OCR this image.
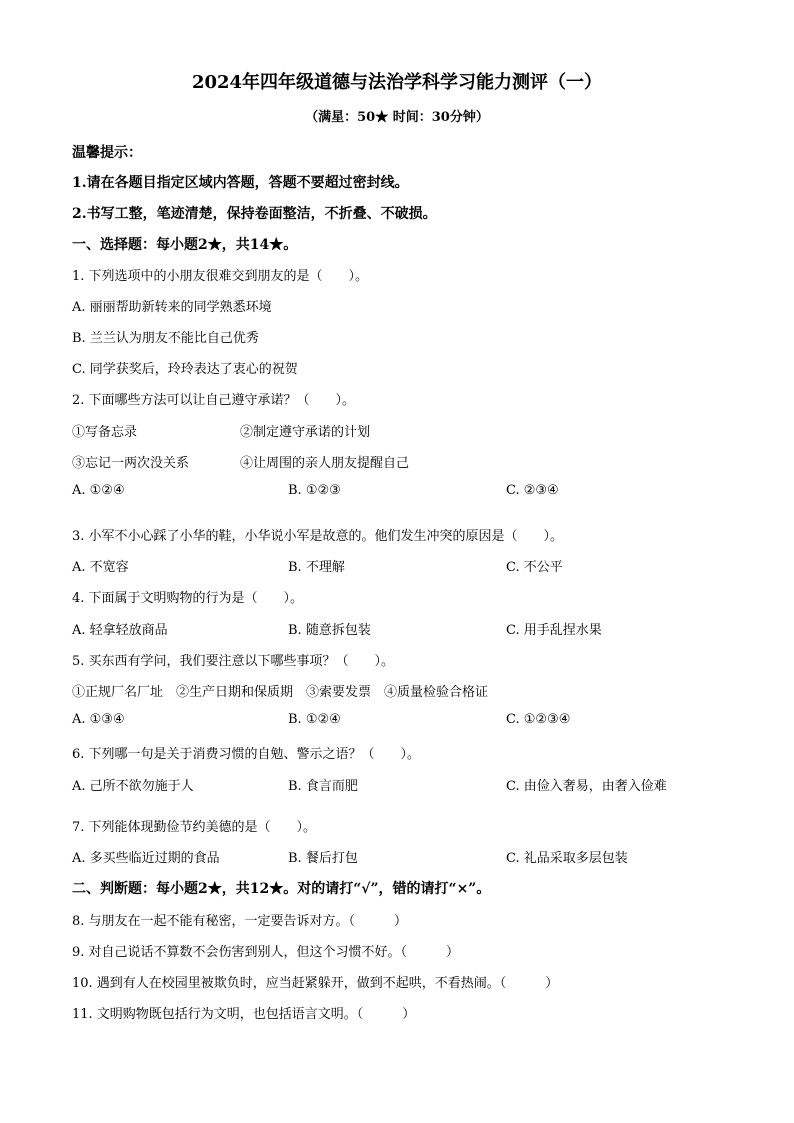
2024年四年级道德与法治学科学习能力测评（一）
（满星：50★ 时间：30分钟）
温馨提示：
1.请在各题目指定区域内答题，答题不要超过密封线。
2.书写工整，笔迹清楚，保持卷面整洁，不折叠、不破损。
一、选择题：每小题2★，共14★。
1. 下列选项中的小朋友很难交到朋友的是（　　）。
A. 丽丽帮助新转来的同学熟悉环境
B. 兰兰认为朋友不能比自己优秀
C. 同学获奖后，玲玲表达了衷心的祝贺
2. 下面哪些方法可以让自己遵守承诺？（　　）。
①写备忘录	②制定遵守承诺的计划
③忘记一两次没关系	④让周围的亲人朋友提醒自己
A. ①②④	B. ①②③	C. ②③④
3. 小军不小心踩了小华的鞋，小华说小军是故意的。他们发生冲突的原因是（　　）。
A. 不宽容	B. 不理解	C. 不公平
4. 下面属于文明购物的行为是（　　）。
A. 轻拿轻放商品	B. 随意拆包装	C. 用手乱捏水果
5. 买东西有学问，我们要注意以下哪些事项？（　　）。
①正规厂名厂址　②生产日期和保质期　③索要发票　④质量检验合格证
A. ①③④	B. ①②④	C. ①②③④
6. 下列哪一句是关于消费习惯的自勉、警示之语？（　　）。
A. 己所不欲勿施于人	B. 食言而肥	C. 由俭入奢易，由奢入俭难
7. 下列能体现勤俭节约美德的是（　　）。
A. 多买些临近过期的食品	B. 餐后打包	C. 礼品采取多层包装
二、判断题：每小题2★，共12★。对的请打“√”，错的请打“×”。
8. 与朋友在一起不能有秘密，一定要告诉对方。（　　　）
9. 对自己说话不算数不会伤害到别人，但这个习惯不好。（　　　）
10. 遇到有人在校园里被欺负时，应当赶紧躲开，做到不起哄，不看热闹。（　　　）
11. 文明购物既包括行为文明，也包括语言文明。（　　　）
